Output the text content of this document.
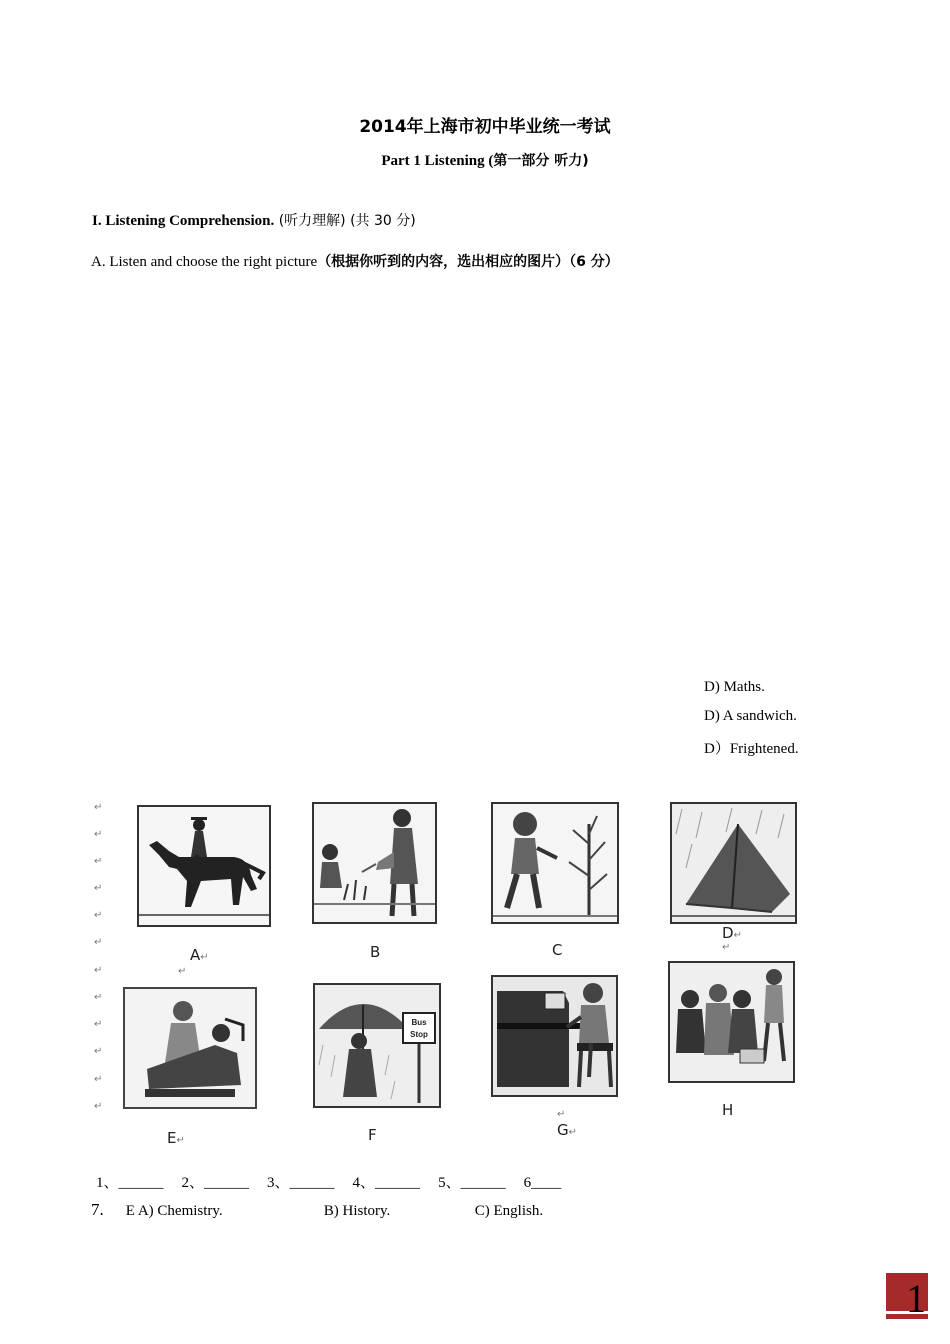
2014年上海市初中毕业统一考试
Part 1 Listening (第一部分 听力)
I. Listening Comprehension. (听力理解) (共 30 分)
A. Listen and choose the right picture（根据你听到的内容，选出相应的图片）（6 分）
D) Maths.
D) A sandwich.
D）Frightened.
↵
↵
↵
↵
↵
↵
↵
↵
↵
↵
↵
↵
A↵
↵
B	C
D↵
↵
E↵
Bus
Stop
F
↵
G↵
H
1、______ 2、______ 3、______ 4、______ 5、______ 6____
7. E A) Chemistry.	B) History.	C) English.
1
